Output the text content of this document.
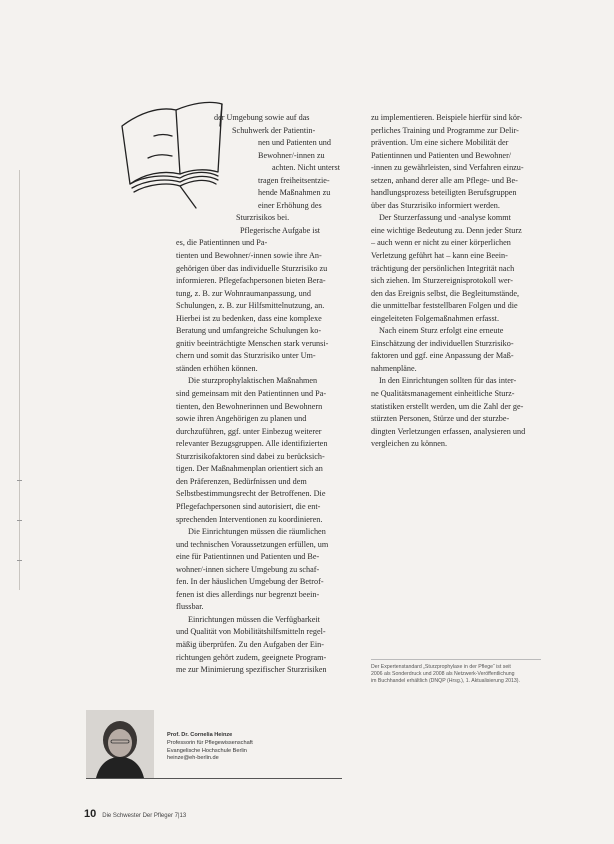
der Umgebung sowie auf das
Schuhwerk der Patientin-
nen und Patienten und
Bewohner/-innen zu
achten. Nicht unterst
tragen freiheitsentzie-
hende Maßnahmen zu
einer Erhöhung des
Sturzrisikos bei.
Pflegerische Aufgabe ist
es, die Patientinnen und Pa-
tienten und Bewohner/-innen sowie ihre An-
gehörigen über das individuelle Sturzrisiko zu
informieren. Pflegefachpersonen bieten Bera-
tung, z. B. zur Wohnraumanpassung, und
Schulungen, z. B. zur Hilfsmittelnutzung, an.
Hierbei ist zu bedenken, dass eine komplexe
Beratung und umfangreiche Schulungen ko-
gnitiv beeinträchtigte Menschen stark verunsi-
chern und somit das Sturzrisiko unter Um-
ständen erhöhen können.
Die sturzprophylaktischen Maßnahmen
sind gemeinsam mit den Patientinnen und Pa-
tienten, den Bewohnerinnen und Bewohnern
sowie ihren Angehörigen zu planen und
durchzuführen, ggf. unter Einbezug weiterer
relevanter Bezugsgruppen. Alle identifizierten
Sturzrisikofaktoren sind dabei zu berücksich-
tigen. Der Maßnahmenplan orientiert sich an
den Präferenzen, Bedürfnissen und dem
Selbstbestimmungsrecht der Betroffenen. Die
Pflegefachpersonen sind autorisiert, die ent-
sprechenden Interventionen zu koordinieren.
Die Einrichtungen müssen die räumlichen
und technischen Voraussetzungen erfüllen, um
eine für Patientinnen und Patienten und Be-
wohner/-innen sichere Umgebung zu schaf-
fen. In der häuslichen Umgebung der Betrof-
fenen ist dies allerdings nur begrenzt beein-
flussbar.
Einrichtungen müssen die Verfügbarkeit
und Qualität von Mobilitätshilfsmitteln regel-
mäßig überprüfen. Zu den Aufgaben der Ein-
richtungen gehört zudem, geeignete Program-
me zur Minimierung spezifischer Sturzrisiken
zu implementieren. Beispiele hierfür sind kör-
perliches Training und Programme zur Delir-
prävention. Um eine sichere Mobilität der
Patientinnen und Patienten und Bewohner/
-innen zu gewährleisten, sind Verfahren einzu-
setzen, anhand derer alle am Pflege- und Be-
handlungsprozess beteiligten Berufsgruppen
über das Sturzrisiko informiert werden.
Der Sturzerfassung und -analyse kommt
eine wichtige Bedeutung zu. Denn jeder Sturz
– auch wenn er nicht zu einer körperlichen
Verletzung geführt hat – kann eine Beein-
trächtigung der persönlichen Integrität nach
sich ziehen. Im Sturzereignisprotokoll wer-
den das Ereignis selbst, die Begleitumstände,
die unmittelbar feststellbaren Folgen und die
eingeleiteten Folgemaßnahmen erfasst.
Nach einem Sturz erfolgt eine erneute
Einschätzung der individuellen Sturzrisiko-
faktoren und ggf. eine Anpassung der Maß-
nahmenpläne.
In den Einrichtungen sollten für das inter-
ne Qualitätsmanagement einheitliche Sturz-
statistiken erstellt werden, um die Zahl der ge-
stürzten Personen, Stürze und der sturzbe-
dingten Verletzungen erfassen, analysieren und
vergleichen zu können.
Der Expertenstandard „Sturzprophylaxe in der Pflege“ ist seit
2006 als Sonderdruck und 2008 als Netzwerk-Veröffentlichung
im Buchhandel erhältlich (DNQP (Hrsg.), 1. Aktualisierung 2013).
Prof. Dr. Cornelia Heinze
Professorin für Pflegewissenschaft
Evangelische Hochschule Berlin
heinze@eh-berlin.de
10 Die Schwester Der Pfleger 7|13
